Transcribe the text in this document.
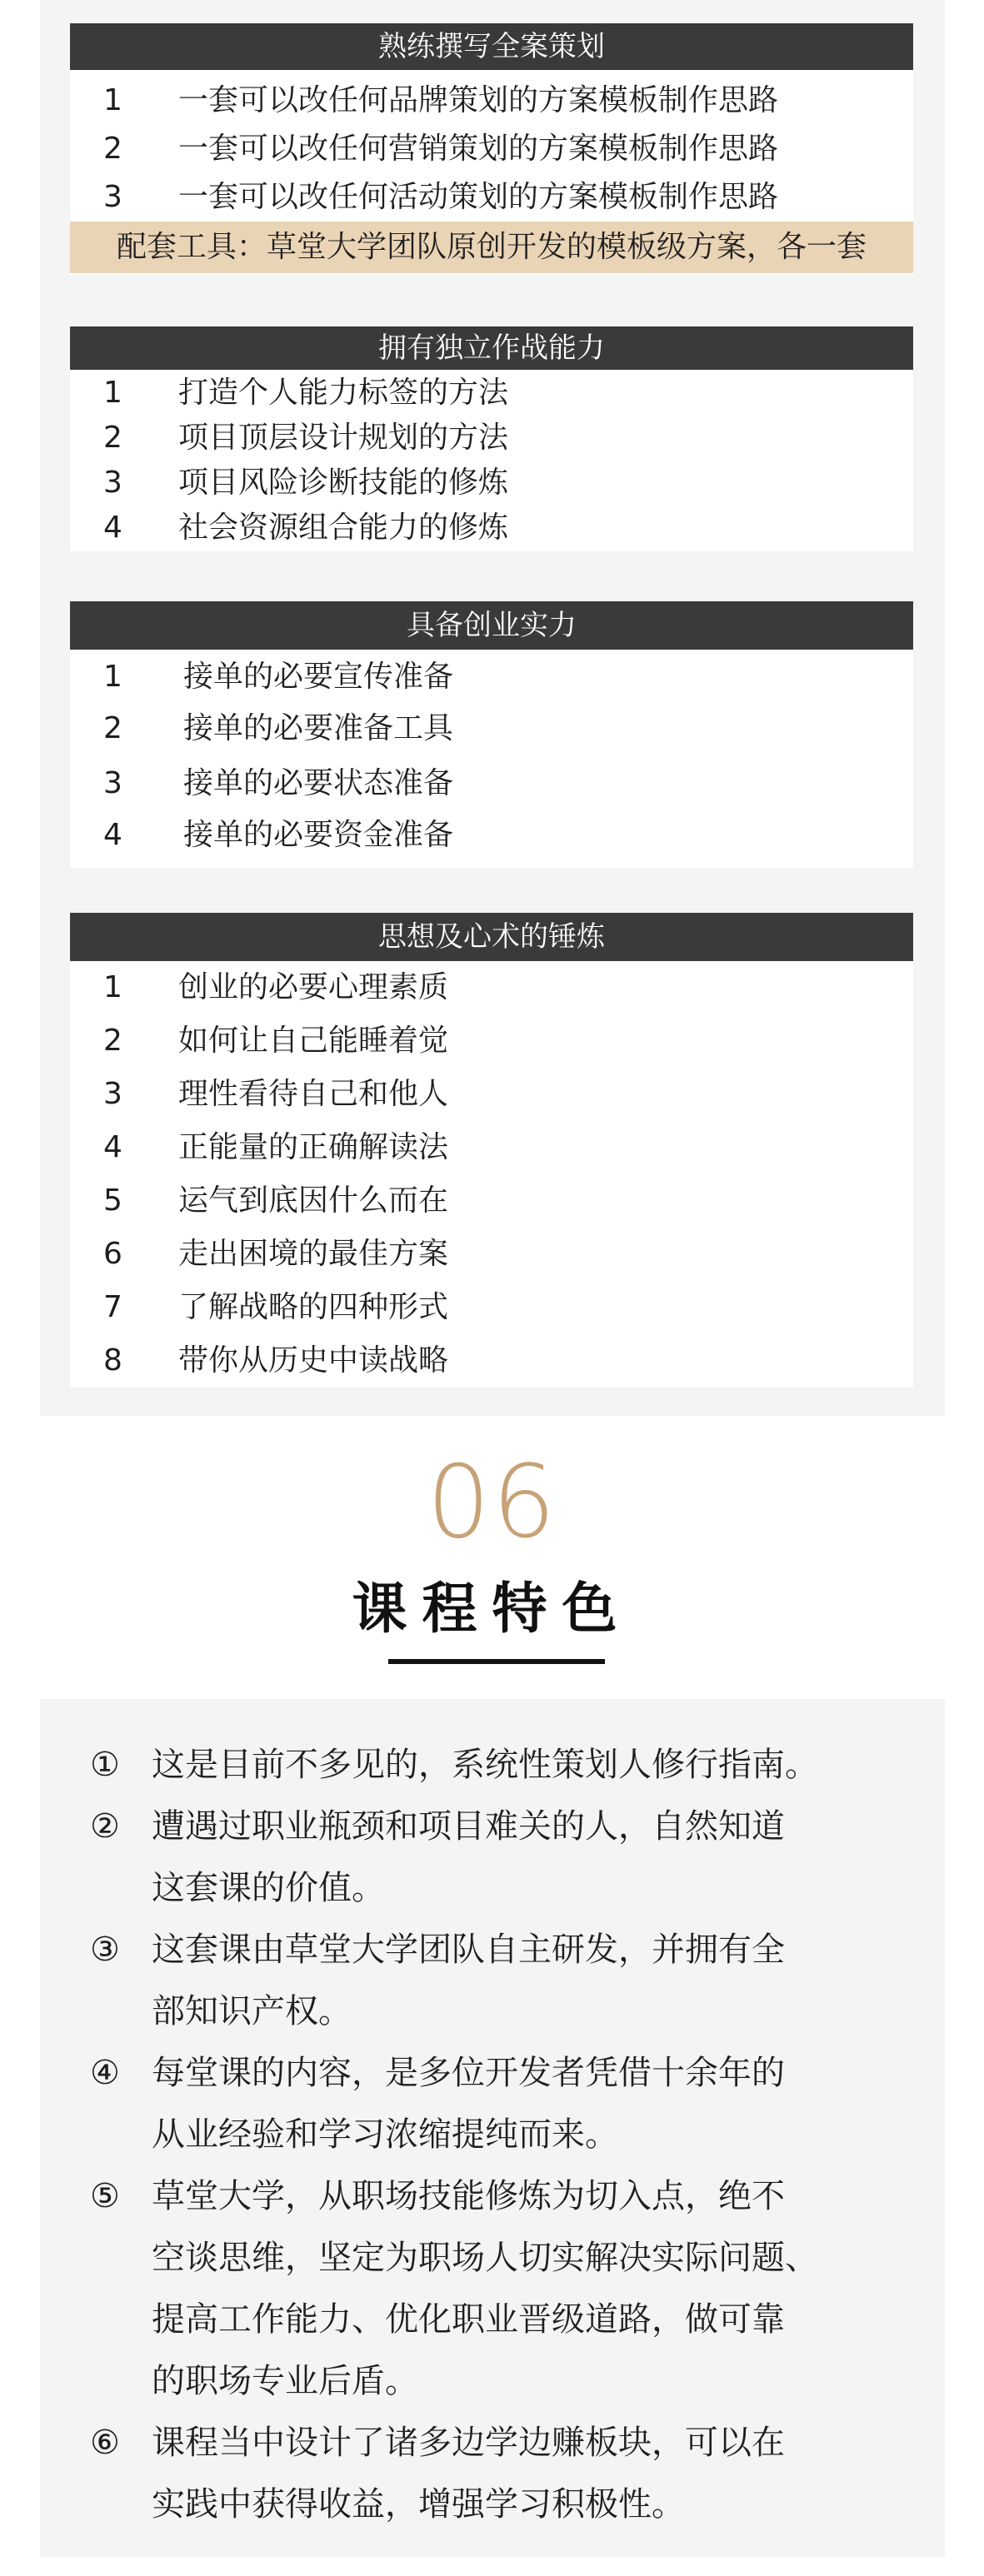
熟练撰写全案策划
1	一套可以改任何品牌策划的方案模板制作思路
2	一套可以改任何营销策划的方案模板制作思路
3	一套可以改任何活动策划的方案模板制作思路
配套工具：草堂大学团队原创开发的模板级方案，各一套
拥有独立作战能力
1	打造个人能力标签的方法
2	项目顶层设计规划的方法
3	项目风险诊断技能的修炼
4	社会资源组合能力的修炼
具备创业实力
1	接单的必要宣传准备
2	接单的必要准备工具
3	接单的必要状态准备
4	接单的必要资金准备
思想及心术的锤炼
1	创业的必要心理素质
2	如何让自己能睡着觉
3	理性看待自己和他人
4	正能量的正确解读法
5	运气到底因什么而在
6	走出困境的最佳方案
7	了解战略的四种形式
8	带你从历史中读战略
06
课程特色
① 这是目前不多见的，系统性策划人修行指南。
② 遭遇过职业瓶颈和项目难关的人，自然知道
这套课的价值。
③ 这套课由草堂大学团队自主研发，并拥有全
部知识产权。
④ 每堂课的内容，是多位开发者凭借十余年的
从业经验和学习浓缩提纯而来。
⑤ 草堂大学，从职场技能修炼为切入点，绝不
空谈思维，坚定为职场人切实解决实际问题、
提高工作能力、优化职业晋级道路，做可靠
的职场专业后盾。
⑥ 课程当中设计了诸多边学边赚板块，可以在
实践中获得收益，增强学习积极性。
